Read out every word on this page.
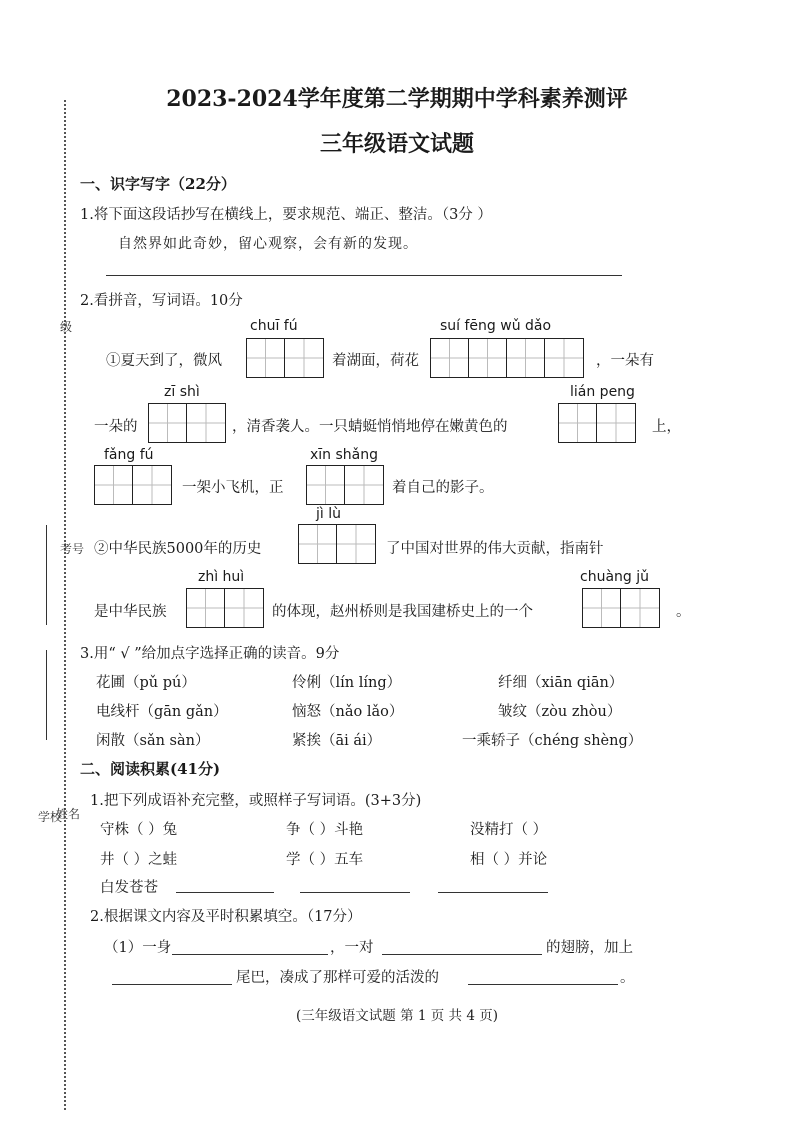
级
考号
姓名
学校
2023-2024学年度第二学期期中学科素养测评
三年级语文试题
一、识字写字（22分）
1.将下面这段话抄写在横线上，要求规范、端正、整洁。（3分 ）
自然界如此奇妙，留心观察，会有新的发现。
2.看拼音，写词语。10分
chuī fú	suí fēng wǔ dǎo
①夏天到了，微风	着湖面，荷花	，一朵有
zī shì	lián peng
一朵的	，清香袭人。一只蜻蜓悄悄地停在嫩黄色的	上，
fǎng fú	xīn shǎng
一架小飞机，正	着自己的影子。
jì lù
②中华民族5000年的历史	了中国对世界的伟大贡献，指南针
zhì huì	chuàng jǔ
是中华民族	的体现，赵州桥则是我国建桥史上的一个	。
3.用“ √ ”给加点字选择正确的读音。9分
花圃（pǔ pú）	伶俐（lín líng）	纤细（xiān qiān）
电线杆（gān gǎn）	恼怒（nǎo lǎo）	皱纹（zòu zhòu）
闲散（sǎn sàn）	紧挨（āi ái）	一乘轿子（chéng shèng）
二、阅读积累(41分)
1.把下列成语补充完整，或照样子写词语。(3+3分)
守株（ ）兔	争（ ）斗艳	没精打（ ）
井（ ）之蛙	学（ ）五车	相（ ）并论
白发苍苍
2.根据课文内容及平时积累填空。（17分）
（1）一身	，一对	的翅膀，加上
尾巴，凑成了那样可爱的活泼的	。
(三年级语文试题 第 1 页 共 4 页)
